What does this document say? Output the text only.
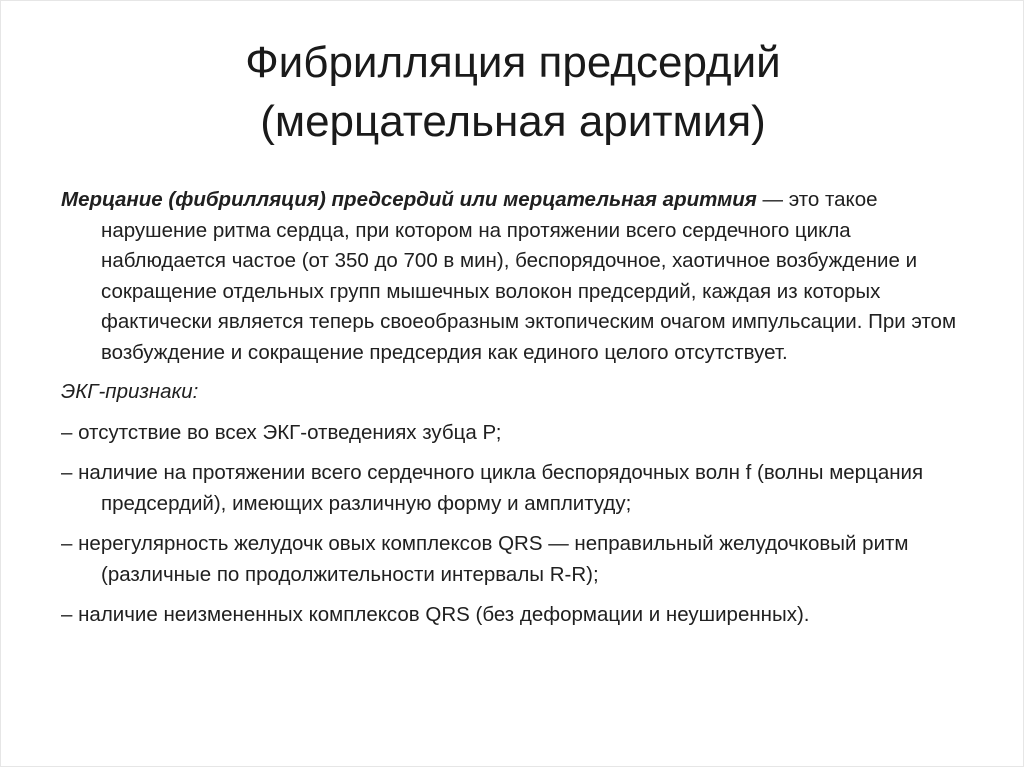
Фибрилляция предсердий
(мерцательная аритмия)

Мерцание (фибрилляция) предсердий или мерцательная аритмия — это такое нарушение ритма сердца, при котором на протяжении всего сердечного цикла наблюдается частое (от 350 до 700 в мин), беспорядочное, хаотичное возбуждение и сокращение отдельных групп мышечных волокон предсердий, каждая из которых фактически является теперь своеобразным эктопическим очагом импульсации. При этом возбуждение и сокращение предсердия как единого целого отсутствует.

ЭКГ-признаки:

– отсутствие во всех ЭКГ-отведениях зубца Р;

– наличие на протяжении всего сердечного цикла беспорядочных волн f (волны мерцания предсердий), имеющих различную форму и амплитуду;

– нерегулярность желудочк овых комплексов QRS — неправильный желудочковый ритм (различные по продолжительности интервалы R-R);

– наличие неизмененных комплексов QRS (без деформации и неуширенных).
